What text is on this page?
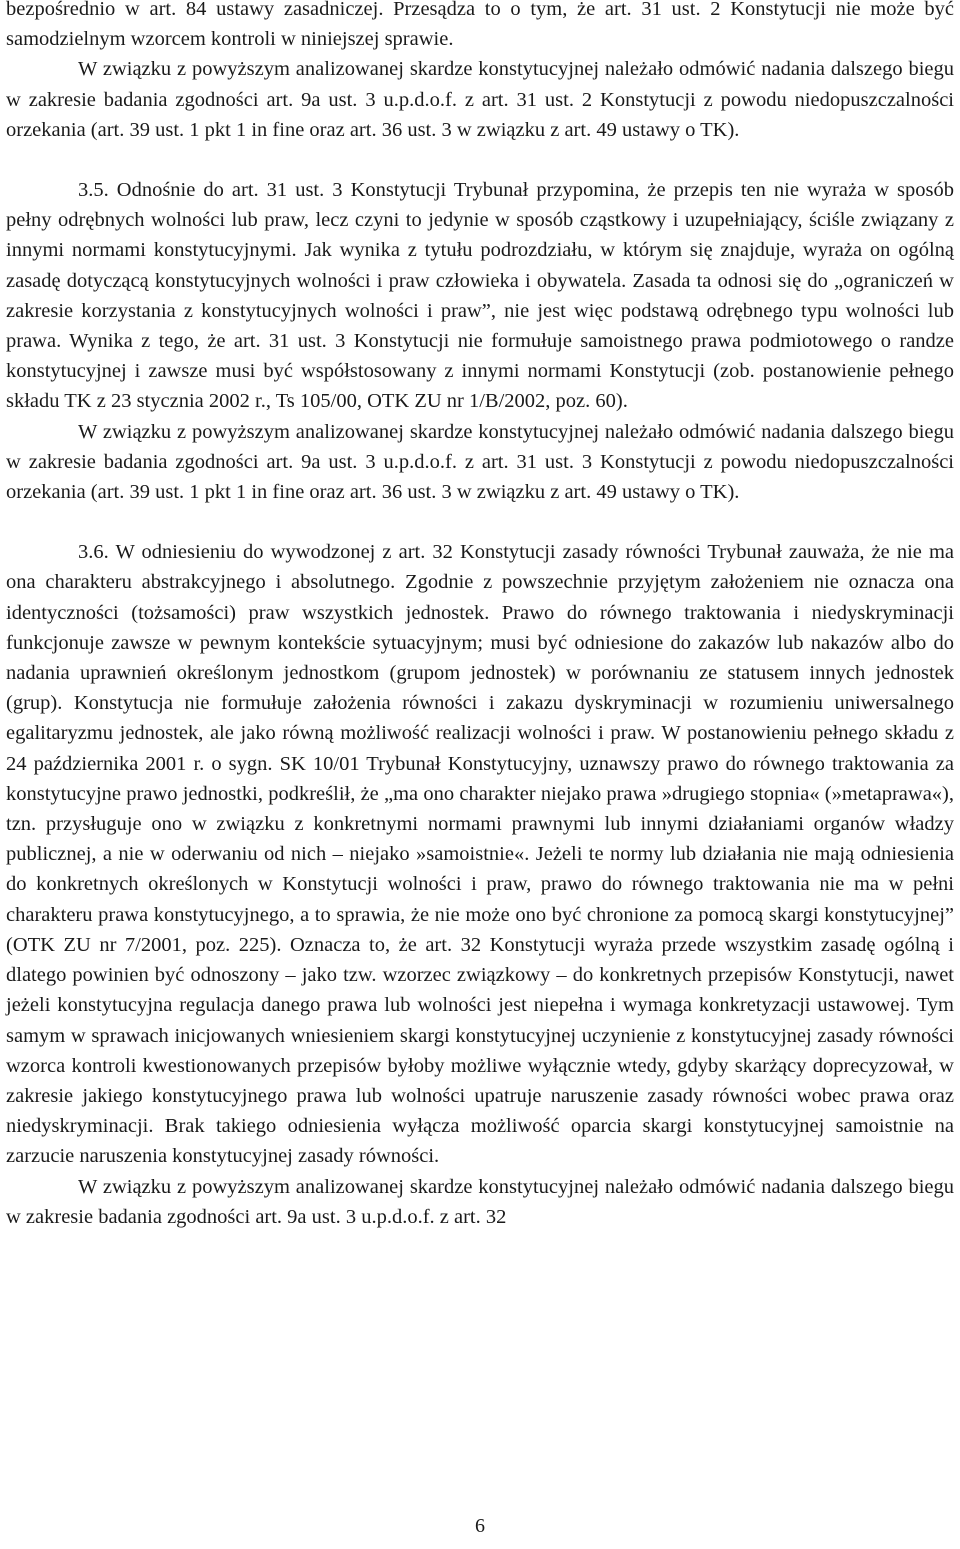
bezpośrednio w art. 84 ustawy zasadniczej. Przesądza to o tym, że art. 31 ust. 2 Konstytucji nie może być samodzielnym wzorcem kontroli w niniejszej sprawie.

W związku z powyższym analizowanej skardze konstytucyjnej należało odmówić nadania dalszego biegu w zakresie badania zgodności art. 9a ust. 3 u.p.d.o.f. z art. 31 ust. 2 Konstytucji z powodu niedopuszczalności orzekania (art. 39 ust. 1 pkt 1 in fine oraz art. 36 ust. 3 w związku z art. 49 ustawy o TK).

3.5. Odnośnie do art. 31 ust. 3 Konstytucji Trybunał przypomina, że przepis ten nie wyraża w sposób pełny odrębnych wolności lub praw, lecz czyni to jedynie w sposób cząstkowy i uzupełniający, ściśle związany z innymi normami konstytucyjnymi. Jak wynika z tytułu podrozdziału, w którym się znajduje, wyraża on ogólną zasadę dotyczącą konstytucyjnych wolności i praw człowieka i obywatela. Zasada ta odnosi się do „ograniczeń w zakresie korzystania z konstytucyjnych wolności i praw”, nie jest więc podstawą odrębnego typu wolności lub prawa. Wynika z tego, że art. 31 ust. 3 Konstytucji nie formułuje samoistnego prawa podmiotowego o randze konstytucyjnej i zawsze musi być współstosowany z innymi normami Konstytucji (zob. postanowienie pełnego składu TK z 23 stycznia 2002 r., Ts 105/00, OTK ZU nr 1/B/2002, poz. 60).

W związku z powyższym analizowanej skardze konstytucyjnej należało odmówić nadania dalszego biegu w zakresie badania zgodności art. 9a ust. 3 u.p.d.o.f. z art. 31 ust. 3 Konstytucji z powodu niedopuszczalności orzekania (art. 39 ust. 1 pkt 1 in fine oraz art. 36 ust. 3 w związku z art. 49 ustawy o TK).

3.6. W odniesieniu do wywodzonej z art. 32 Konstytucji zasady równości Trybunał zauważa, że nie ma ona charakteru abstrakcyjnego i absolutnego. Zgodnie z powszechnie przyjętym założeniem nie oznacza ona identyczności (tożsamości) praw wszystkich jednostek. Prawo do równego traktowania i niedyskryminacji funkcjonuje zawsze w pewnym kontekście sytuacyjnym; musi być odniesione do zakazów lub nakazów albo do nadania uprawnień określonym jednostkom (grupom jednostek) w porównaniu ze statusem innych jednostek (grup). Konstytucja nie formułuje założenia równości i zakazu dyskryminacji w rozumieniu uniwersalnego egalitaryzmu jednostek, ale jako równą możliwość realizacji wolności i praw. W postanowieniu pełnego składu z 24 października 2001 r. o sygn. SK 10/01 Trybunał Konstytucyjny, uznawszy prawo do równego traktowania za konstytucyjne prawo jednostki, podkreślił, że „ma ono charakter niejako prawa »drugiego stopnia« (»metaprawa«), tzn. przysługuje ono w związku z konkretnymi normami prawnymi lub innymi działaniami organów władzy publicznej, a nie w oderwaniu od nich – niejako »samoistnie«. Jeżeli te normy lub działania nie mają odniesienia do konkretnych określonych w Konstytucji wolności i praw, prawo do równego traktowania nie ma w pełni charakteru prawa konstytucyjnego, a to sprawia, że nie może ono być chronione za pomocą skargi konstytucyjnej” (OTK ZU nr 7/2001, poz. 225). Oznacza to, że art. 32 Konstytucji wyraża przede wszystkim zasadę ogólną i dlatego powinien być odnoszony – jako tzw. wzorzec związkowy – do konkretnych przepisów Konstytucji, nawet jeżeli konstytucyjna regulacja danego prawa lub wolności jest niepełna i wymaga konkretyzacji ustawowej. Tym samym w sprawach inicjowanych wniesieniem skargi konstytucyjnej uczynienie z konstytucyjnej zasady równości wzorca kontroli kwestionowanych przepisów byłoby możliwe wyłącznie wtedy, gdyby skarżący doprecyzował, w zakresie jakiego konstytucyjnego prawa lub wolności upatruje naruszenie zasady równości wobec prawa oraz niedyskryminacji. Brak takiego odniesienia wyłącza możliwość oparcia skargi konstytucyjnej samoistnie na zarzucie naruszenia konstytucyjnej zasady równości.

W związku z powyższym analizowanej skardze konstytucyjnej należało odmówić nadania dalszego biegu w zakresie badania zgodności art. 9a ust. 3 u.p.d.o.f. z art. 32

6
